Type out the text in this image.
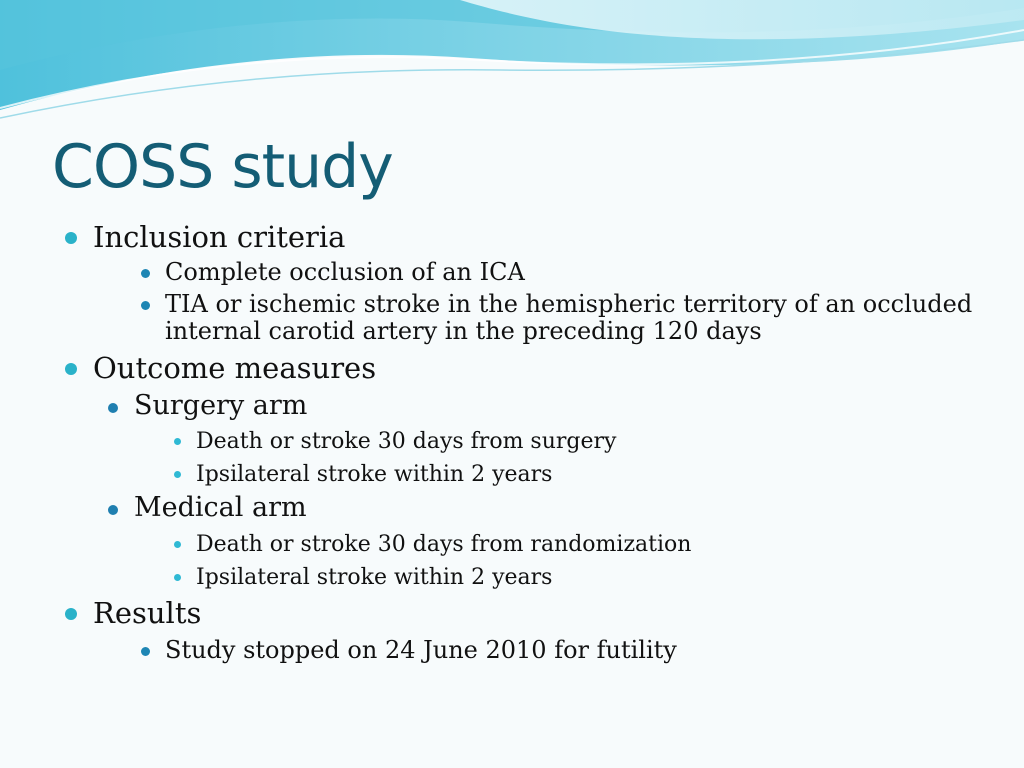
COSS study
Inclusion criteria
Complete occlusion of an ICA
TIA or ischemic stroke in the hemispheric territory of an occluded
internal carotid artery in the preceding 120 days
Outcome measures
Surgery arm
Death or stroke 30 days from surgery
Ipsilateral stroke within 2 years
Medical arm
Death or stroke 30 days from randomization
Ipsilateral stroke within 2 years
Results
Study stopped on 24 June 2010 for futility
